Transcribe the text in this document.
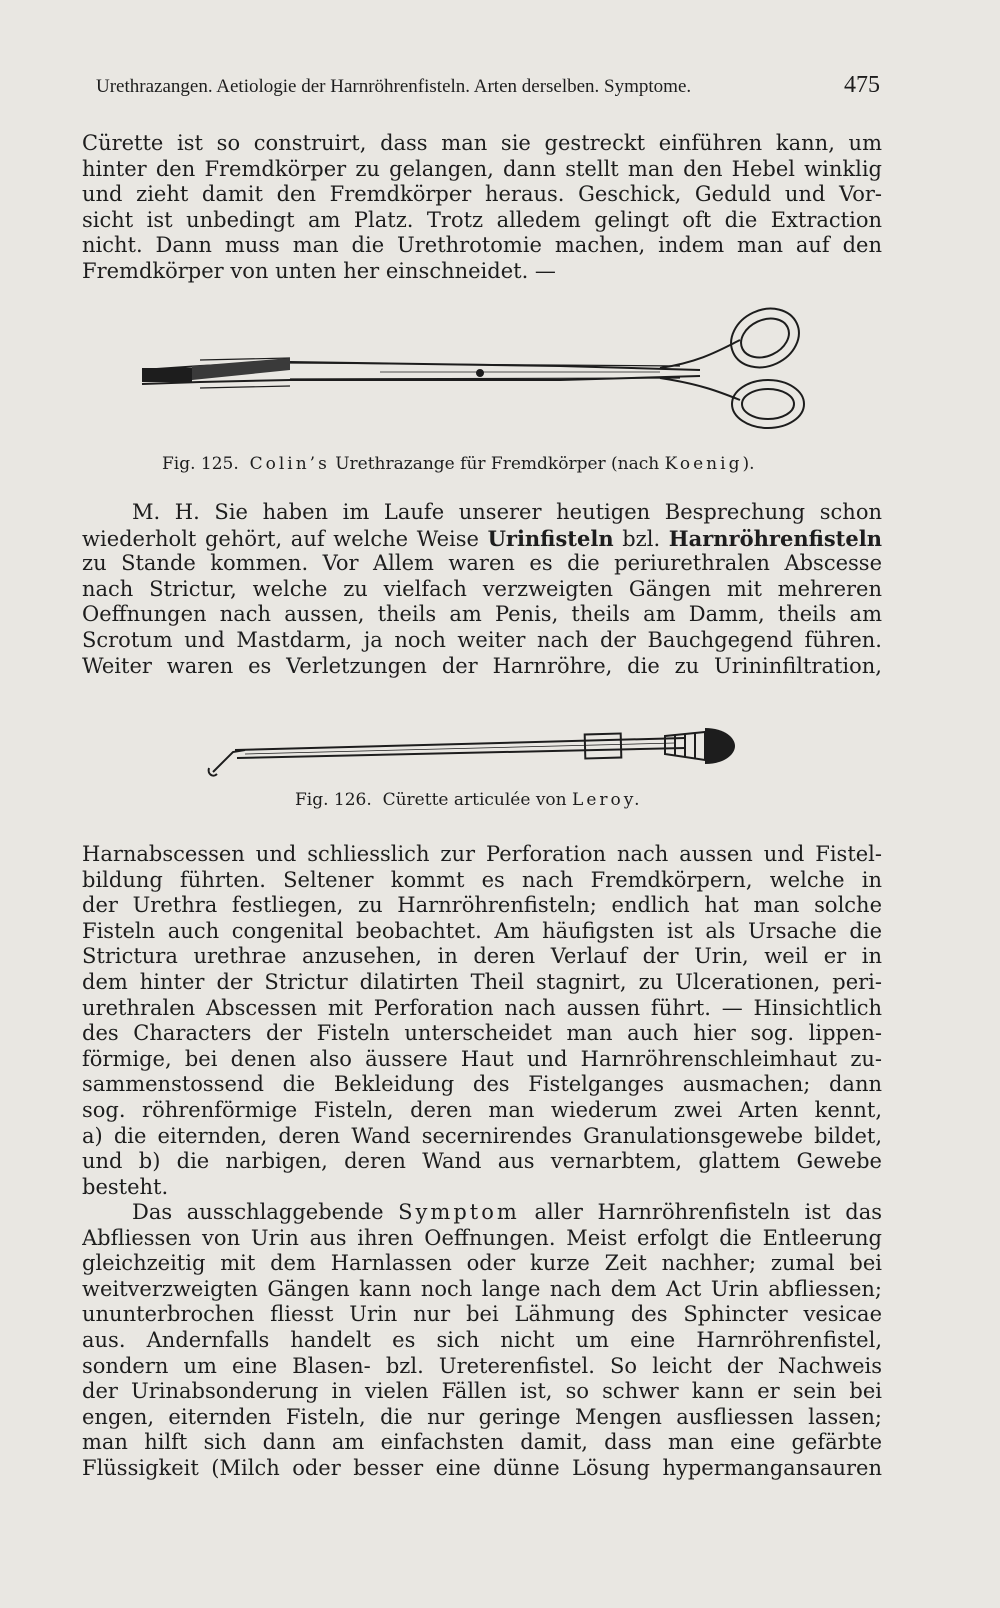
Urethrazangen. Aetiologie der Harnröhrenfisteln. Arten derselben. Symptome.	475
Cürette ist so construirt, dass man sie gestreckt einführen kann, um
hinter den Fremdkörper zu gelangen, dann stellt man den Hebel winklig
und zieht damit den Fremdkörper heraus. Geschick, Geduld und Vor-
sicht ist unbedingt am Platz. Trotz alledem gelingt oft die Extraction
nicht. Dann muss man die Urethrotomie machen, indem man auf den
Fremdkörper von unten her einschneidet. —
Fig. 125. Colin’s Urethrazange für Fremdkörper (nach Koenig).
M. H. Sie haben im Laufe unserer heutigen Besprechung schon
wiederholt gehört, auf welche Weise Urinfisteln bzl. Harnröhrenfisteln
zu Stande kommen. Vor Allem waren es die periurethralen Abscesse
nach Strictur, welche zu vielfach verzweigten Gängen mit mehreren
Oeffnungen nach aussen, theils am Penis, theils am Damm, theils am
Scrotum und Mastdarm, ja noch weiter nach der Bauchgegend führen.
Weiter waren es Verletzungen der Harnröhre, die zu Urininfiltration,
Fig. 126. Cürette articulée von Leroy.
Harnabscessen und schliesslich zur Perforation nach aussen und Fistel-
bildung führten. Seltener kommt es nach Fremdkörpern, welche in
der Urethra festliegen, zu Harnröhrenfisteln; endlich hat man solche
Fisteln auch congenital beobachtet. Am häufigsten ist als Ursache die
Strictura urethrae anzusehen, in deren Verlauf der Urin, weil er in
dem hinter der Strictur dilatirten Theil stagnirt, zu Ulcerationen, peri-
urethralen Abscessen mit Perforation nach aussen führt. — Hinsichtlich
des Characters der Fisteln unterscheidet man auch hier sog. lippen-
förmige, bei denen also äussere Haut und Harnröhrenschleimhaut zu-
sammenstossend die Bekleidung des Fistelganges ausmachen; dann
sog. röhrenförmige Fisteln, deren man wiederum zwei Arten kennt,
a) die eiternden, deren Wand secernirendes Granulationsgewebe bildet,
und b) die narbigen, deren Wand aus vernarbtem, glattem Gewebe
besteht.
Das ausschlaggebende Symptom aller Harnröhrenfisteln ist das
Abfliessen von Urin aus ihren Oeffnungen. Meist erfolgt die Entleerung
gleichzeitig mit dem Harnlassen oder kurze Zeit nachher; zumal bei
weitverzweigten Gängen kann noch lange nach dem Act Urin abfliessen;
ununterbrochen fliesst Urin nur bei Lähmung des Sphincter vesicae
aus. Andernfalls handelt es sich nicht um eine Harnröhrenfistel,
sondern um eine Blasen- bzl. Ureterenfistel. So leicht der Nachweis
der Urinabsonderung in vielen Fällen ist, so schwer kann er sein bei
engen, eiternden Fisteln, die nur geringe Mengen ausfliessen lassen;
man hilft sich dann am einfachsten damit, dass man eine gefärbte
Flüssigkeit (Milch oder besser eine dünne Lösung hypermangansauren
